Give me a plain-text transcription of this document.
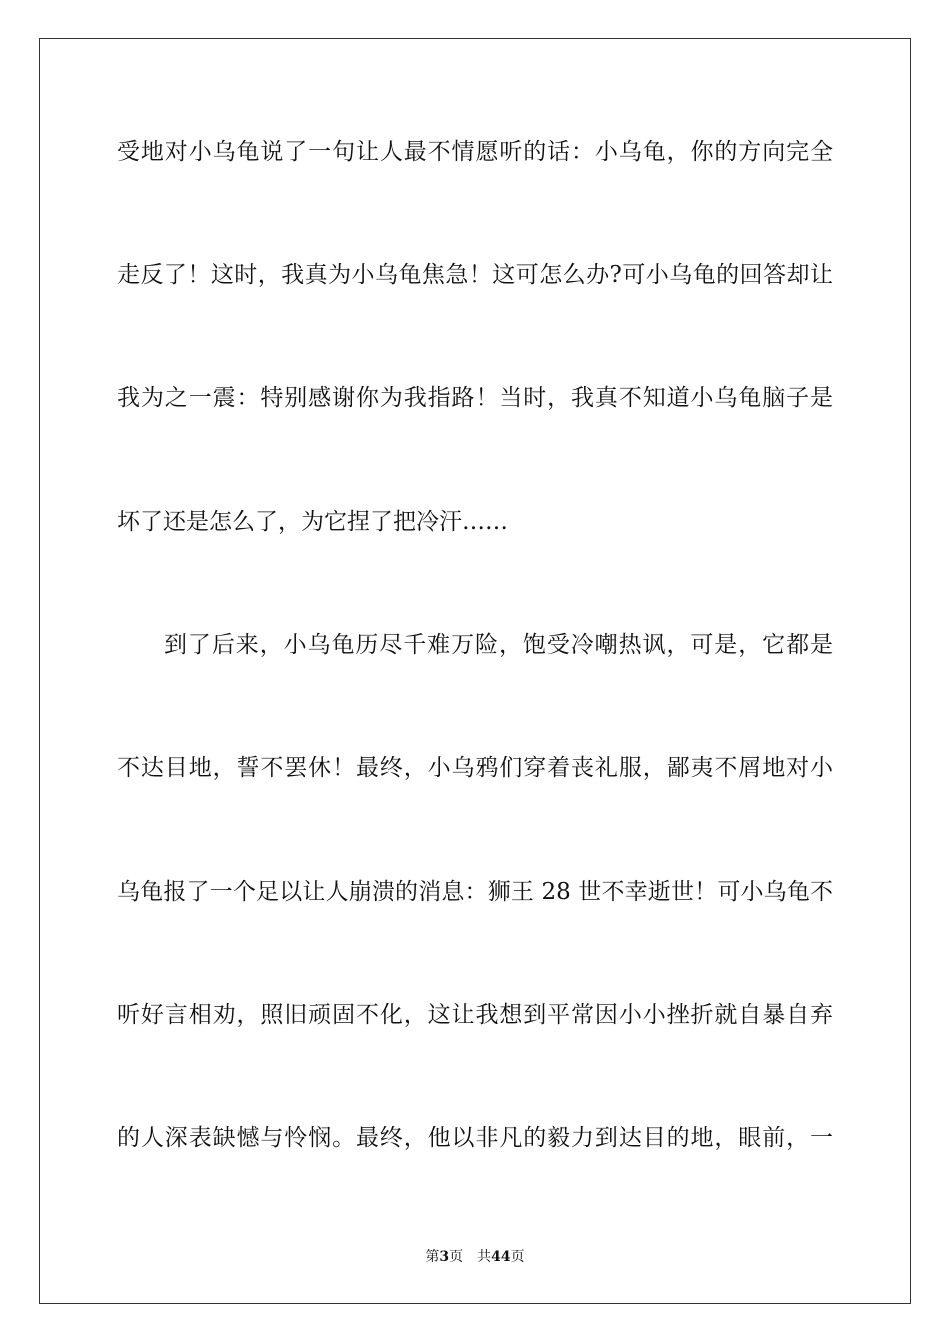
受地对小乌龟说了一句让人最不情愿听的话：小乌龟，你的方向完全
走反了！这时，我真为小乌龟焦急！这可怎么办?可小乌龟的回答却让
我为之一震：特别感谢你为我指路！当时，我真不知道小乌龟脑子是
坏了还是怎么了，为它捏了把冷汗……
到了后来，小乌龟历尽千难万险，饱受冷嘲热讽，可是，它都是
不达目地，誓不罢休！最终，小乌鸦们穿着丧礼服，鄙夷不屑地对小
乌龟报了一个足以让人崩溃的消息：狮王 28 世不幸逝世！可小乌龟不
听好言相劝，照旧顽固不化，这让我想到平常因小小挫折就自暴自弃
的人深表缺憾与怜悯。最终，他以非凡的毅力到达目的地，眼前，一
第3页 共44页
